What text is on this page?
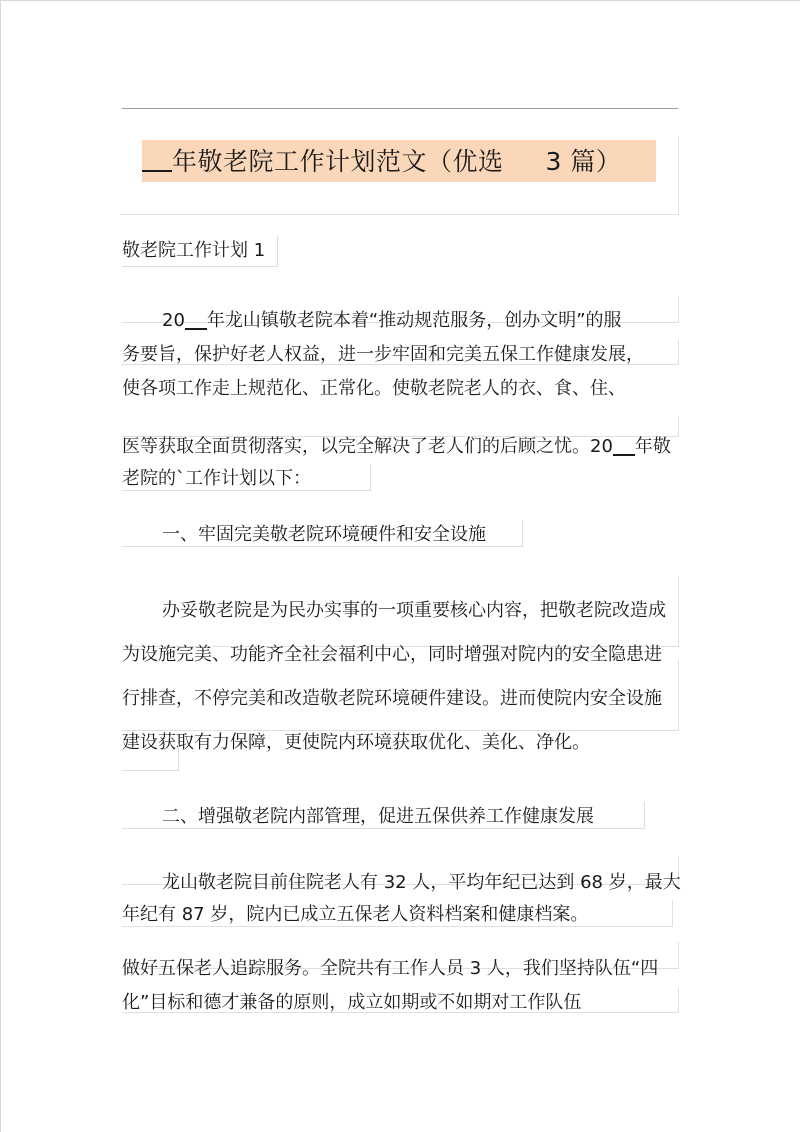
年敬老院工作计划范文（优选 3 篇）
敬老院工作计划 1
20 年龙山镇敬老院本着“推动规范服务，创办文明”的服
务要旨，保护好老人权益，进一步牢固和完美五保工作健康发展，
使各项工作走上规范化、正常化。使敬老院老人的衣、食、住、
医等获取全面贯彻落实，以完全解决了老人们的后顾之忧。20 年敬
老院的`工作计划以下：
一、牢固完美敬老院环境硬件和安全设施
办妥敬老院是为民办实事的一项重要核心内容，把敬老院改造成
为设施完美、功能齐全社会福利中心，同时增强对院内的安全隐患进
行排查，不停完美和改造敬老院环境硬件建设。进而使院内安全设施
建设获取有力保障，更使院内环境获取优化、美化、净化。
二、增强敬老院内部管理，促进五保供养工作健康发展
龙山敬老院目前住院老人有 32 人，平均年纪已达到 68 岁，最大
年纪有 87 岁，院内已成立五保老人资料档案和健康档案。
做好五保老人追踪服务。全院共有工作人员 3 人，我们坚持队伍“四
化”目标和德才兼备的原则，成立如期或不如期对工作队伍
